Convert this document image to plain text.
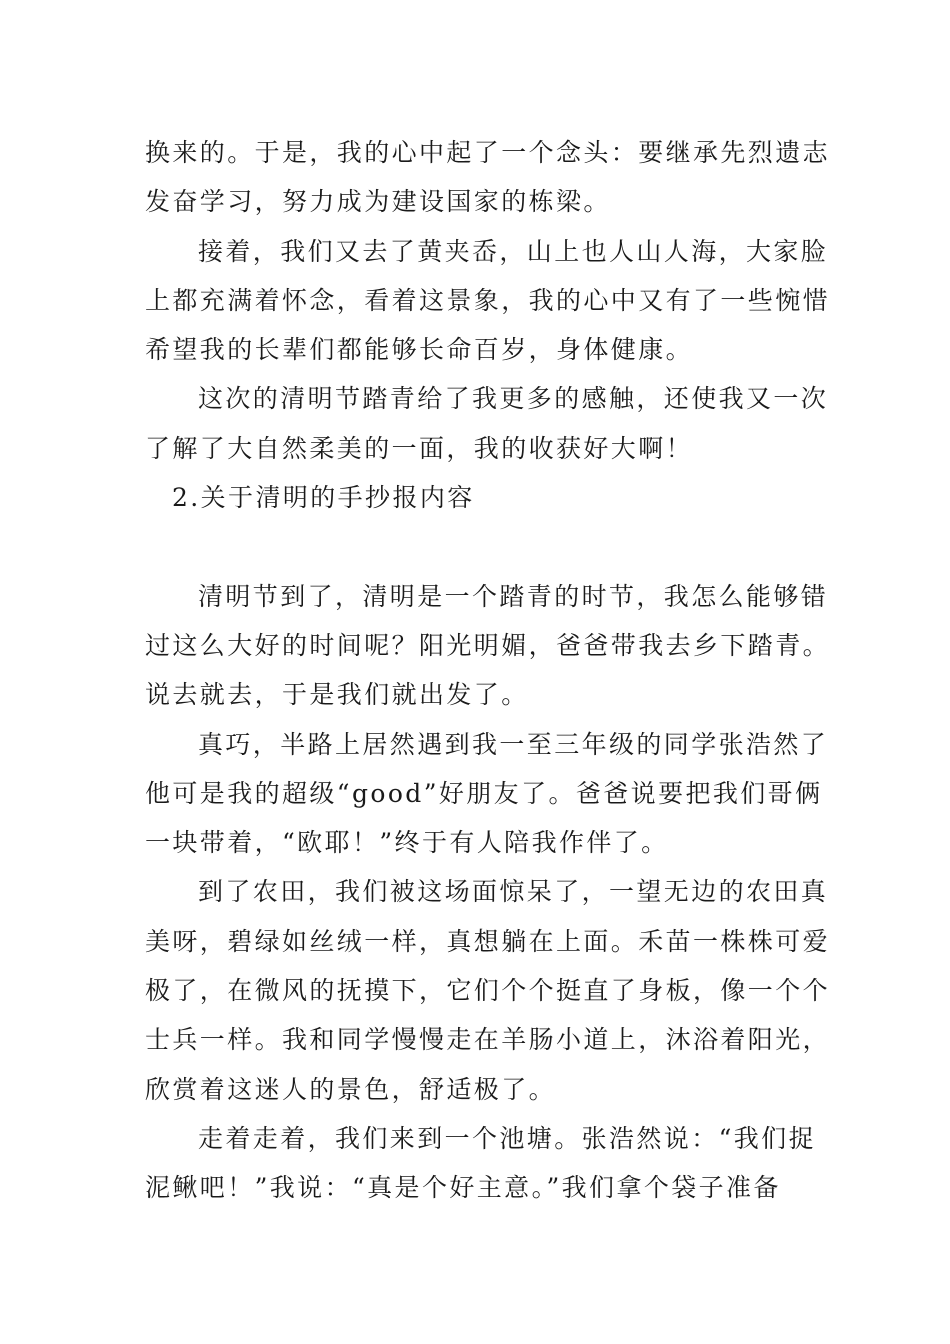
换来的。于是，我的心中起了一个念头：要继承先烈遗志
发奋学习，努力成为建设国家的栋梁。
接着，我们又去了黄夹岙，山上也人山人海，大家脸
上都充满着怀念，看着这景象，我的心中又有了一些惋惜
希望我的长辈们都能够长命百岁，身体健康。
这次的清明节踏青给了我更多的感触，还使我又一次
了解了大自然柔美的一面，我的收获好大啊！
2.关于清明的手抄报内容
清明节到了，清明是一个踏青的时节，我怎么能够错
过这么大好的时间呢？阳光明媚，爸爸带我去乡下踏青。
说去就去，于是我们就出发了。
真巧，半路上居然遇到我一至三年级的同学张浩然了
他可是我的超级“good”好朋友了。爸爸说要把我们哥俩
一块带着，“欧耶！”终于有人陪我作伴了。
到了农田，我们被这场面惊呆了，一望无边的农田真
美呀，碧绿如丝绒一样，真想躺在上面。禾苗一株株可爱
极了，在微风的抚摸下，它们个个挺直了身板，像一个个
士兵一样。我和同学慢慢走在羊肠小道上，沐浴着阳光，
欣赏着这迷人的景色，舒适极了。
走着走着，我们来到一个池塘。张浩然说：“我们捉
泥鳅吧！”我说：“真是个好主意。”我们拿个袋子准备
